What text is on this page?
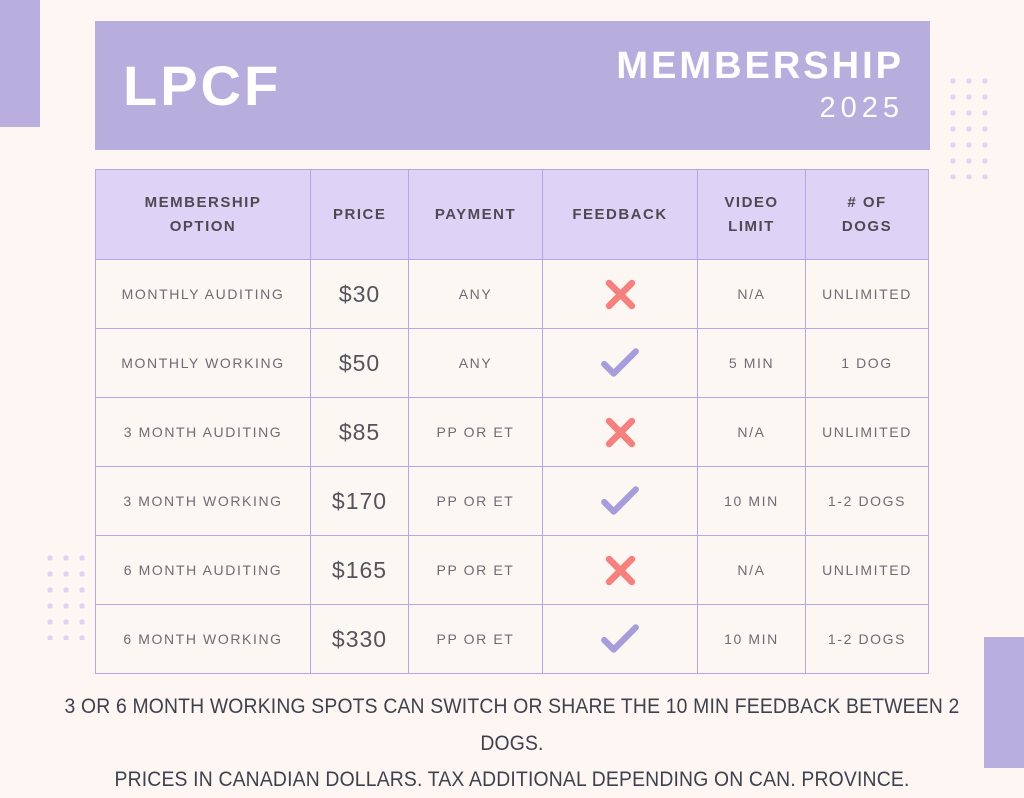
LPCF	MEMBERSHIP
2025
MEMBERSHIP OPTION	PRICE	PAYMENT	FEEDBACK	VIDEO LIMIT	# OF DOGS
MONTHLY AUDITING	$30	ANY		N/A	UNLIMITED
MONTHLY WORKING	$50	ANY		5 MIN	1 DOG
3 MONTH AUDITING	$85	PP OR ET		N/A	UNLIMITED
3 MONTH WORKING	$170	PP OR ET		10 MIN	1-2 DOGS
6 MONTH AUDITING	$165	PP OR ET		N/A	UNLIMITED
6 MONTH WORKING	$330	PP OR ET		10 MIN	1-2 DOGS
3 OR 6 MONTH WORKING SPOTS CAN SWITCH OR SHARE THE 10 MIN FEEDBACK BETWEEN 2 DOGS.
PRICES IN CANADIAN DOLLARS. TAX ADDITIONAL DEPENDING ON CAN. PROVINCE.
